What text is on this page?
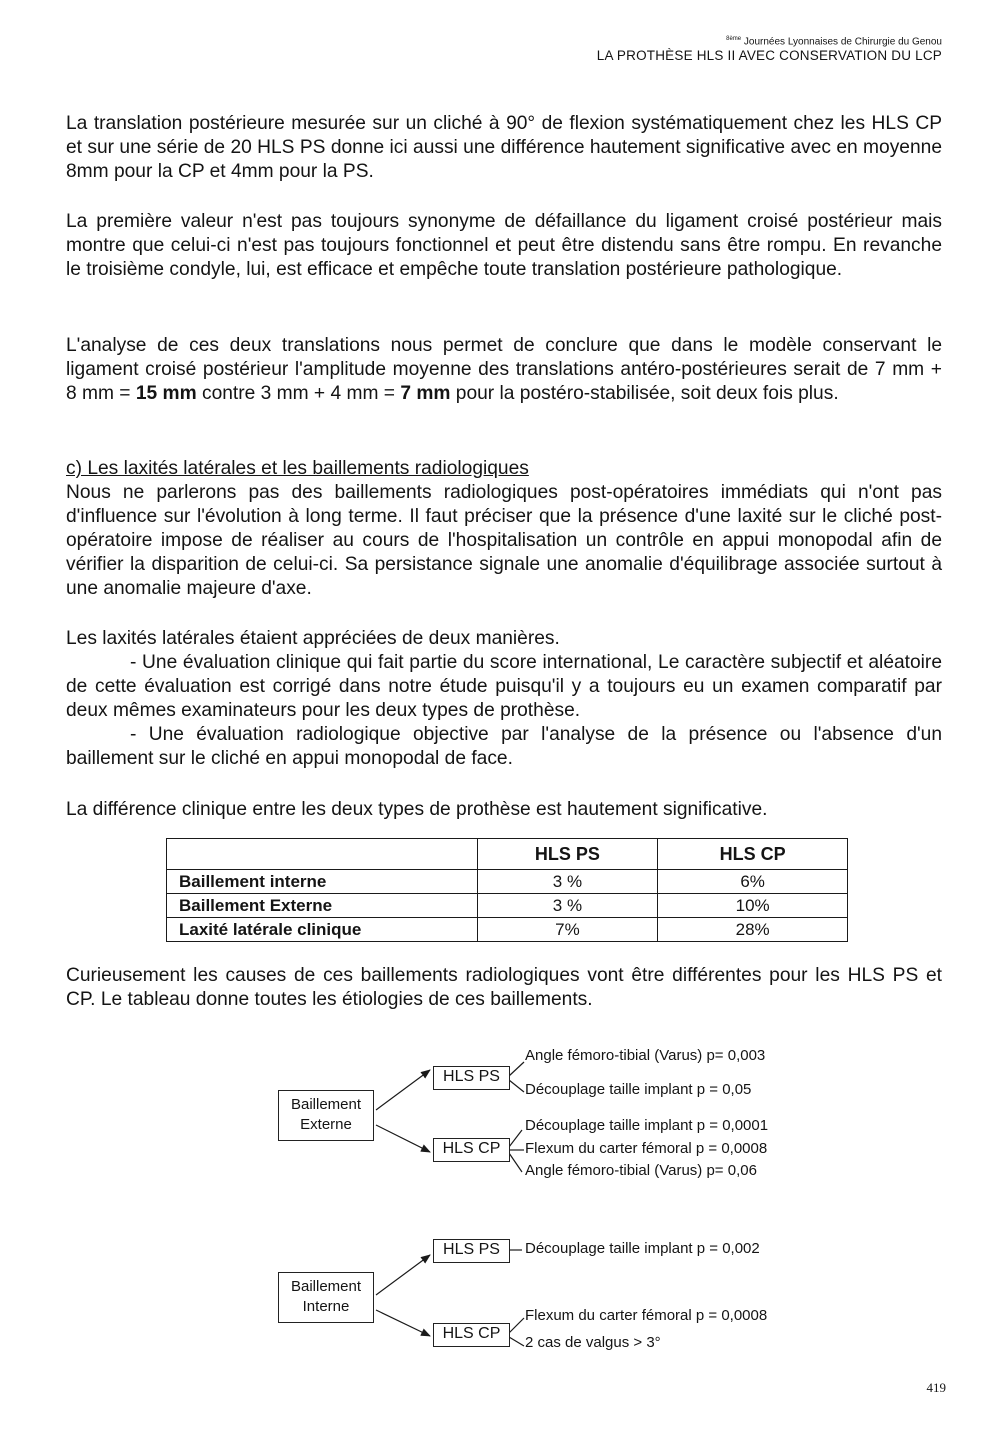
$^{8ème}$ Journées Lyonnaises de Chirurgie du Genou
LA PROTHÈSE HLS II AVEC CONSERVATION DU LCP

La translation postérieure mesurée sur un cliché à 90° de flexion systématiquement chez les HLS CP et sur une série de 20 HLS PS donne ici aussi une différence hautement significative avec en moyenne 8mm pour la CP et 4mm pour la PS.

La première valeur n'est pas toujours synonyme de défaillance du ligament croisé postérieur mais montre que celui-ci n'est pas toujours fonctionnel et peut être distendu sans être rompu. En revanche le troisième condyle, lui, est efficace et empêche toute translation postérieure pathologique.

L'analyse de ces deux translations nous permet de conclure que dans le modèle conservant le ligament croisé postérieur l'amplitude moyenne des translations antéro-postérieures serait de 7 mm + 8 mm = 15 mm contre 3 mm + 4 mm = 7 mm pour la postéro-stabilisée, soit deux fois plus.

c) Les laxités latérales et les baillements radiologiques

Nous ne parlerons pas des baillements radiologiques post-opératoires immédiats qui n'ont pas d'influence sur l'évolution à long terme. Il faut préciser que la présence d'une laxité sur le cliché post-opératoire impose de réaliser au cours de l'hospitalisation un contrôle en appui monopodal afin de vérifier la disparition de celui-ci. Sa persistance signale une anomalie d'équilibrage associée surtout à une anomalie majeure d'axe.

Les laxités latérales étaient appréciées de deux manières.

- Une évaluation clinique qui fait partie du score international, Le caractère subjectif et aléatoire de cette évaluation est corrigé dans notre étude puisqu'il y a toujours eu un examen comparatif par deux mêmes examinateurs pour les deux types de prothèse.

- Une évaluation radiologique objective par l'analyse de la présence ou l'absence d'un baillement sur le cliché en appui monopodal de face.

La différence clinique entre les deux types de prothèse est hautement significative.

	HLS PS	HLS CP
Baillement interne	3 %	6%
Baillement Externe	3 %	10%
Laxité latérale clinique	7%	28%

Curieusement les causes de ces baillements radiologiques vont être différentes pour les HLS PS et CP. Le tableau donne toutes les étiologies de ces baillements.

Baillement
Externe
HLS PS
HLS CP
Angle fémoro-tibial (Varus) p= 0,003
Découplage taille implant p = 0,05
Découplage taille implant p = 0,0001
Flexum du carter fémoral p = 0,0008
Angle fémoro-tibial (Varus) p= 0,06
Baillement
Interne
HLS PS
HLS CP
Découplage taille implant p = 0,002
Flexum du carter fémoral p = 0,0008
2 cas de valgus > 3°
419
